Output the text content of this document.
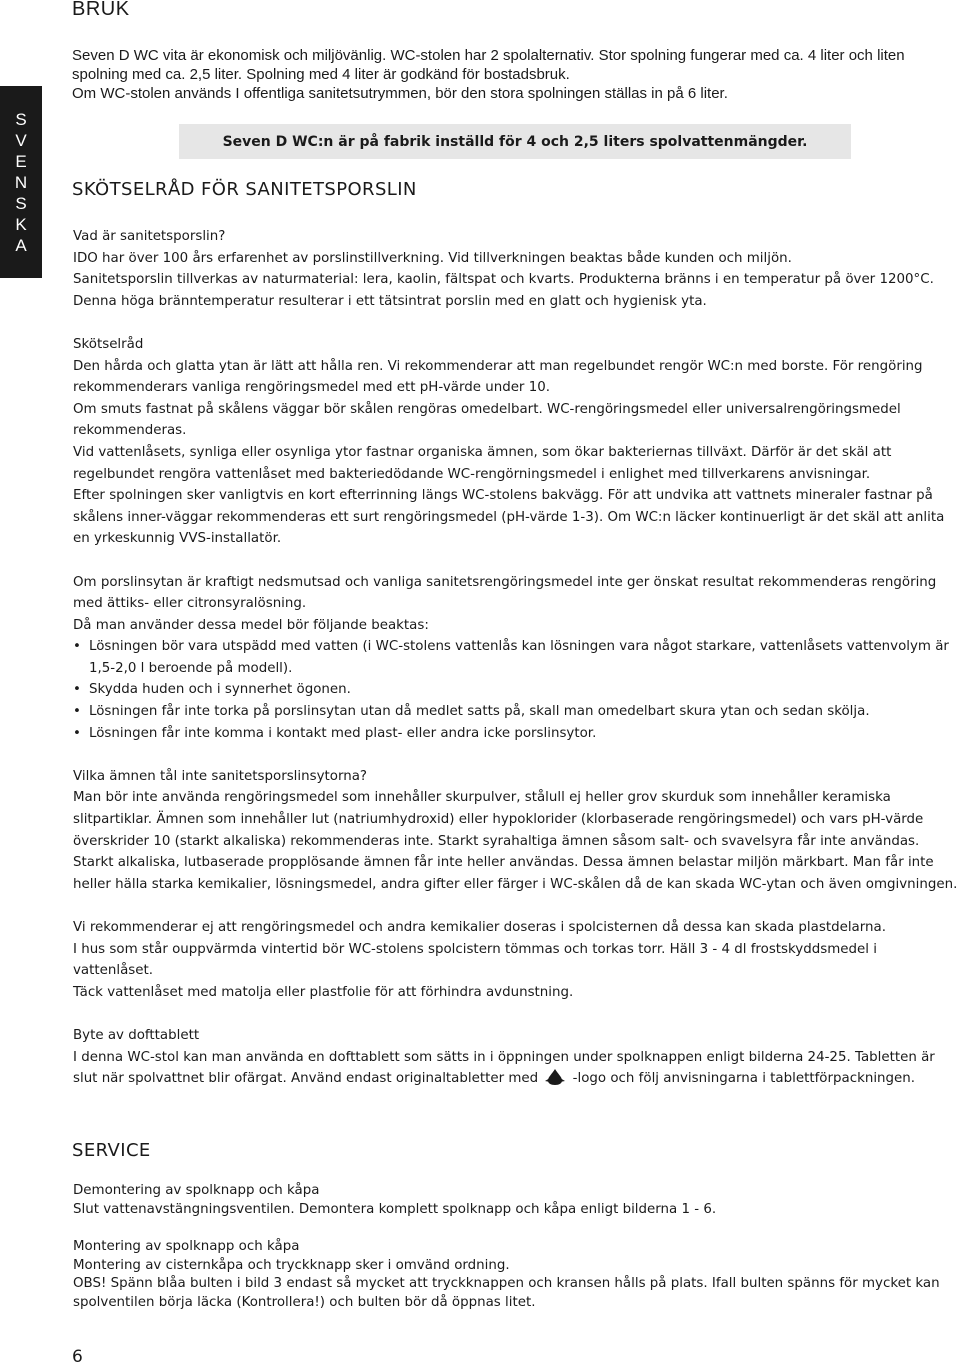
S
V
E
N
S
K
A
BRUK

Seven D WC vita är ekonomisk och miljövänlig. WC-stolen har 2 spolalternativ. Stor spolning fungerar med ca. 4 liter och liten spolning med ca. 2,5 liter. Spolning med 4 liter är godkänd för bostadsbruk.

Om WC-stolen används I offentliga sanitetsutrymmen, bör den stora spolningen ställas in på 6 liter.

Seven D WC:n är på fabrik inställd för 4 och 2,5 liters spolvattenmängder.
SKÖTSELRÅD FÖR SANITETSPORSLIN

Vad är sanitetsporslin?

IDO har över 100 års erfarenhet av porslinstillverkning. Vid tillverkningen beaktas både kunden och miljön.

Sanitetsporslin tillverkas av naturmaterial: lera, kaolin, fältspat och kvarts. Produkterna bränns i en temperatur på över 1200°C.

Denna höga bränntemperatur resulterar i ett tätsintrat porslin med en glatt och hygienisk yta.

Skötselråd

Den hårda och glatta ytan är lätt att hålla ren. Vi rekommenderar att man regelbundet rengör WC:n med borste. För rengöring rekommenderars vanliga rengöringsmedel med ett pH-värde under 10.

Om smuts fastnat på skålens väggar bör skålen rengöras omedelbart. WC-rengöringsmedel eller universalrengöringsmedel rekommenderas.

Vid vattenlåsets, synliga eller osynliga ytor fastnar organiska ämnen, som ökar bakteriernas tillväxt. Därför är det skäl att regelbundet rengöra vattenlåset med bakteriedödande WC-rengörningsmedel i enlighet med tillverkarens anvisningar.

Efter spolningen sker vanligtvis en kort efterrinning längs WC-stolens bakvägg. För att undvika att vattnets mineraler fastnar på skålens inner-väggar rekommenderas ett surt rengöringsmedel (pH-värde 1-3). Om WC:n läcker kontinuerligt är det skäl att anlita en yrkeskunnig VVS-installatör.

Om porslinsytan är kraftigt nedsmutsad och vanliga sanitetsrengöringsmedel inte ger önskat resultat rekommenderas rengöring med ättiks- eller citronsyralösning.

Då man använder dessa medel bör följande beaktas:

• Lösningen bör vara utspädd med vatten (i WC-stolens vattenlås kan lösningen vara något starkare, vattenlåsets vattenvolym är 1,5-2,0 l beroende på modell).
• Skydda huden och i synnerhet ögonen.
• Lösningen får inte torka på porslinsytan utan då medlet satts på, skall man omedelbart skura ytan och sedan skölja.
• Lösningen får inte komma i kontakt med plast- eller andra icke porslinsytor.

Vilka ämnen tål inte sanitetsporslinsytorna?

Man bör inte använda rengöringsmedel som innehåller skurpulver, stålull ej heller grov skurduk som innehåller keramiska slitpartiklar. Ämnen som innehåller lut (natriumhydroxid) eller hypoklorider (klorbaserade rengöringsmedel) och vars pH-värde överskrider 10 (starkt alkaliska) rekommenderas inte. Starkt syrahaltiga ämnen såsom salt- och svavelsyra får inte användas. Starkt alkaliska, lutbaserade propplösande ämnen får inte heller användas. Dessa ämnen belastar miljön märkbart. Man får inte heller hälla starka kemikalier, lösningsmedel, andra gifter eller färger i WC-skålen då de kan skada WC-ytan och även omgivningen.

Vi rekommenderar ej att rengöringsmedel och andra kemikalier doseras i spolcisternen då dessa kan skada plastdelarna.

I hus som står ouppvärmda vintertid bör WC-stolens spolcistern tömmas och torkas torr. Häll 3 - 4 dl frostskyddsmedel i vattenlåset.

Täck vattenlåset med matolja eller plastfolie för att förhindra avdunstning.

Byte av dofttablett

I denna WC-stol kan man använda en dofttablett som sätts in i öppningen under spolknappen enligt bilderna 24-25. Tabletten är slut när spolvattnet blir ofärgat. Använd endast originaltabletter med	-logo och följ anvisningarna i tablettförpackningen.

SERVICE

Demontering av spolknapp och kåpa

Slut vattenavstängningsventilen. Demontera komplett spolknapp och kåpa enligt bilderna 1 - 6.

Montering av spolknapp och kåpa

Montering av cisternkåpa och tryckknapp sker i omvänd ordning.

OBS! Spänn blåa bulten i bild 3 endast så mycket att tryckknappen och kransen hålls på plats. Ifall bulten spänns för mycket kan spolventilen börja läcka (Kontrollera!) och bulten bör då öppnas litet.

6
